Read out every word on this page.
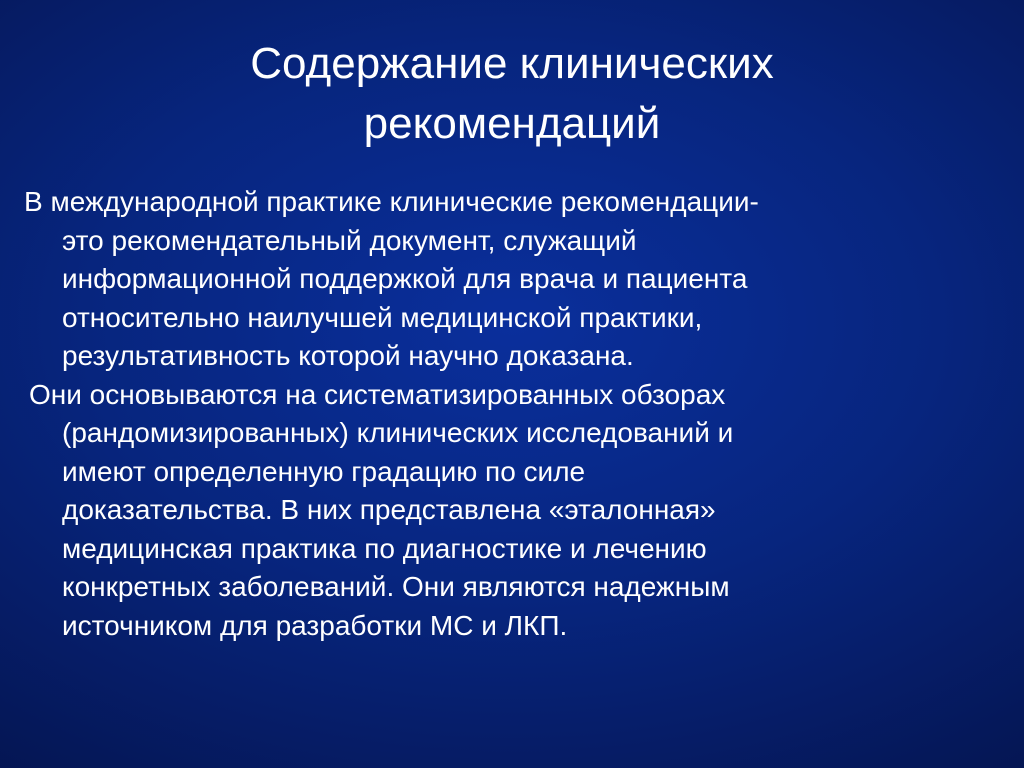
Содержание клинических
рекомендаций

В международной практике клинические рекомендации-
это рекомендательный документ, служащий
информационной поддержкой для врача и пациента
относительно наилучшей медицинской практики,
результативность которой научно доказана.

Они основываются на систематизированных обзорах
(рандомизированных) клинических исследований и
имеют определенную градацию по силе
доказательства. В них представлена «эталонная»
медицинская практика по диагностике и лечению
конкретных заболеваний. Они являются надежным
источником для разработки МС и ЛКП.
